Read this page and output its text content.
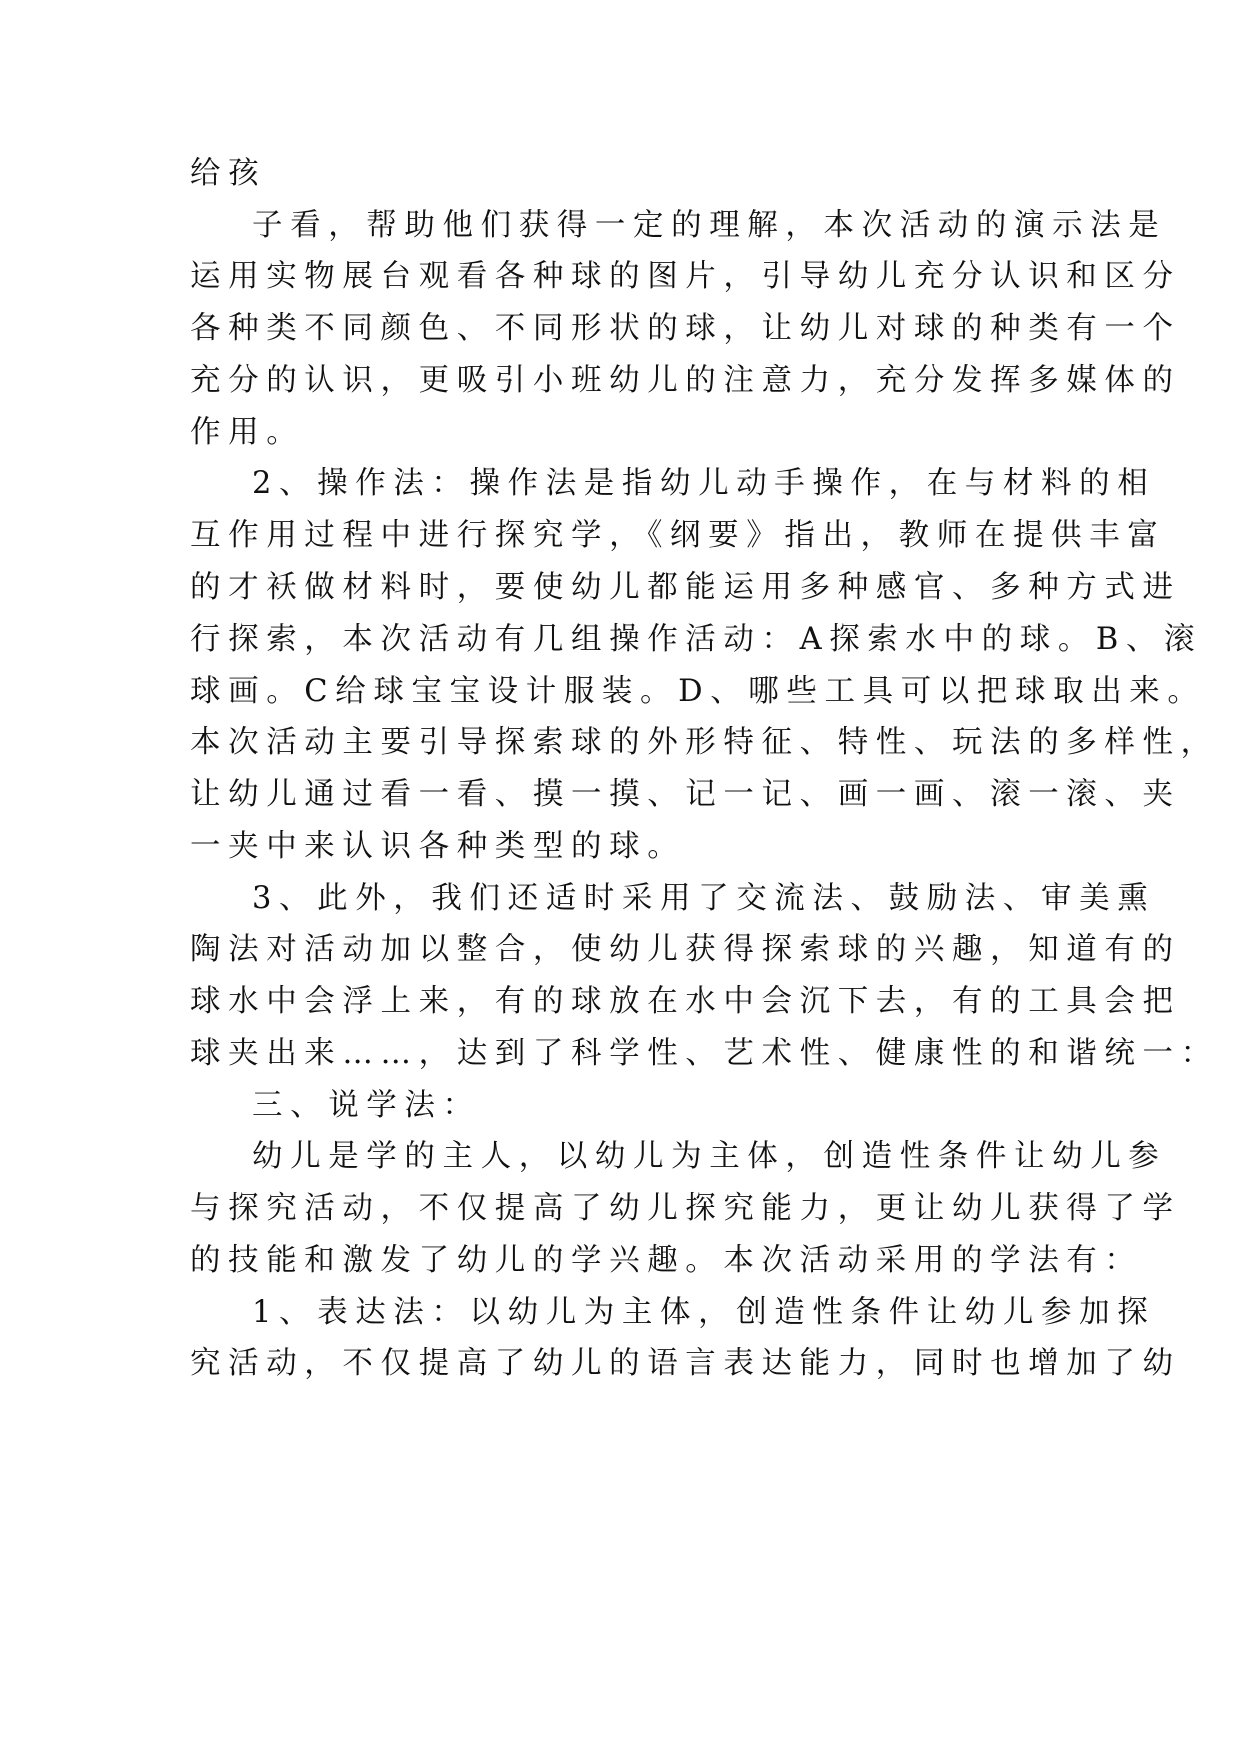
给孩
子看，帮助他们获得一定的理解，本次活动的演示法是
运用实物展台观看各种球的图片，引导幼儿充分认识和区分
各种类不同颜色、不同形状的球，让幼儿对球的种类有一个
充分的认识，更吸引小班幼儿的注意力，充分发挥多媒体的
作用。
2、操作法：操作法是指幼儿动手操作，在与材料的相
互作用过程中进行探究学，《纲要》指出，教师在提供丰富
的才袄做材料时，要使幼儿都能运用多种感官、多种方式进
行探索，本次活动有几组操作活动：A探索水中的球。B、滚
球画。C给球宝宝设计服装。D、哪些工具可以把球取出来。
本次活动主要引导探索球的外形特征、特性、玩法的多样性，
让幼儿通过看一看、摸一摸、记一记、画一画、滚一滚、夹
一夹中来认识各种类型的球。
3、此外，我们还适时采用了交流法、鼓励法、审美熏
陶法对活动加以整合，使幼儿获得探索球的兴趣，知道有的
球水中会浮上来，有的球放在水中会沉下去，有的工具会把
球夹出来……，达到了科学性、艺术性、健康性的和谐统一：
三、说学法：
幼儿是学的主人，以幼儿为主体，创造性条件让幼儿参
与探究活动，不仅提高了幼儿探究能力，更让幼儿获得了学
的技能和激发了幼儿的学兴趣。本次活动采用的学法有：
1、表达法：以幼儿为主体，创造性条件让幼儿参加探
究活动，不仅提高了幼儿的语言表达能力，同时也增加了幼
